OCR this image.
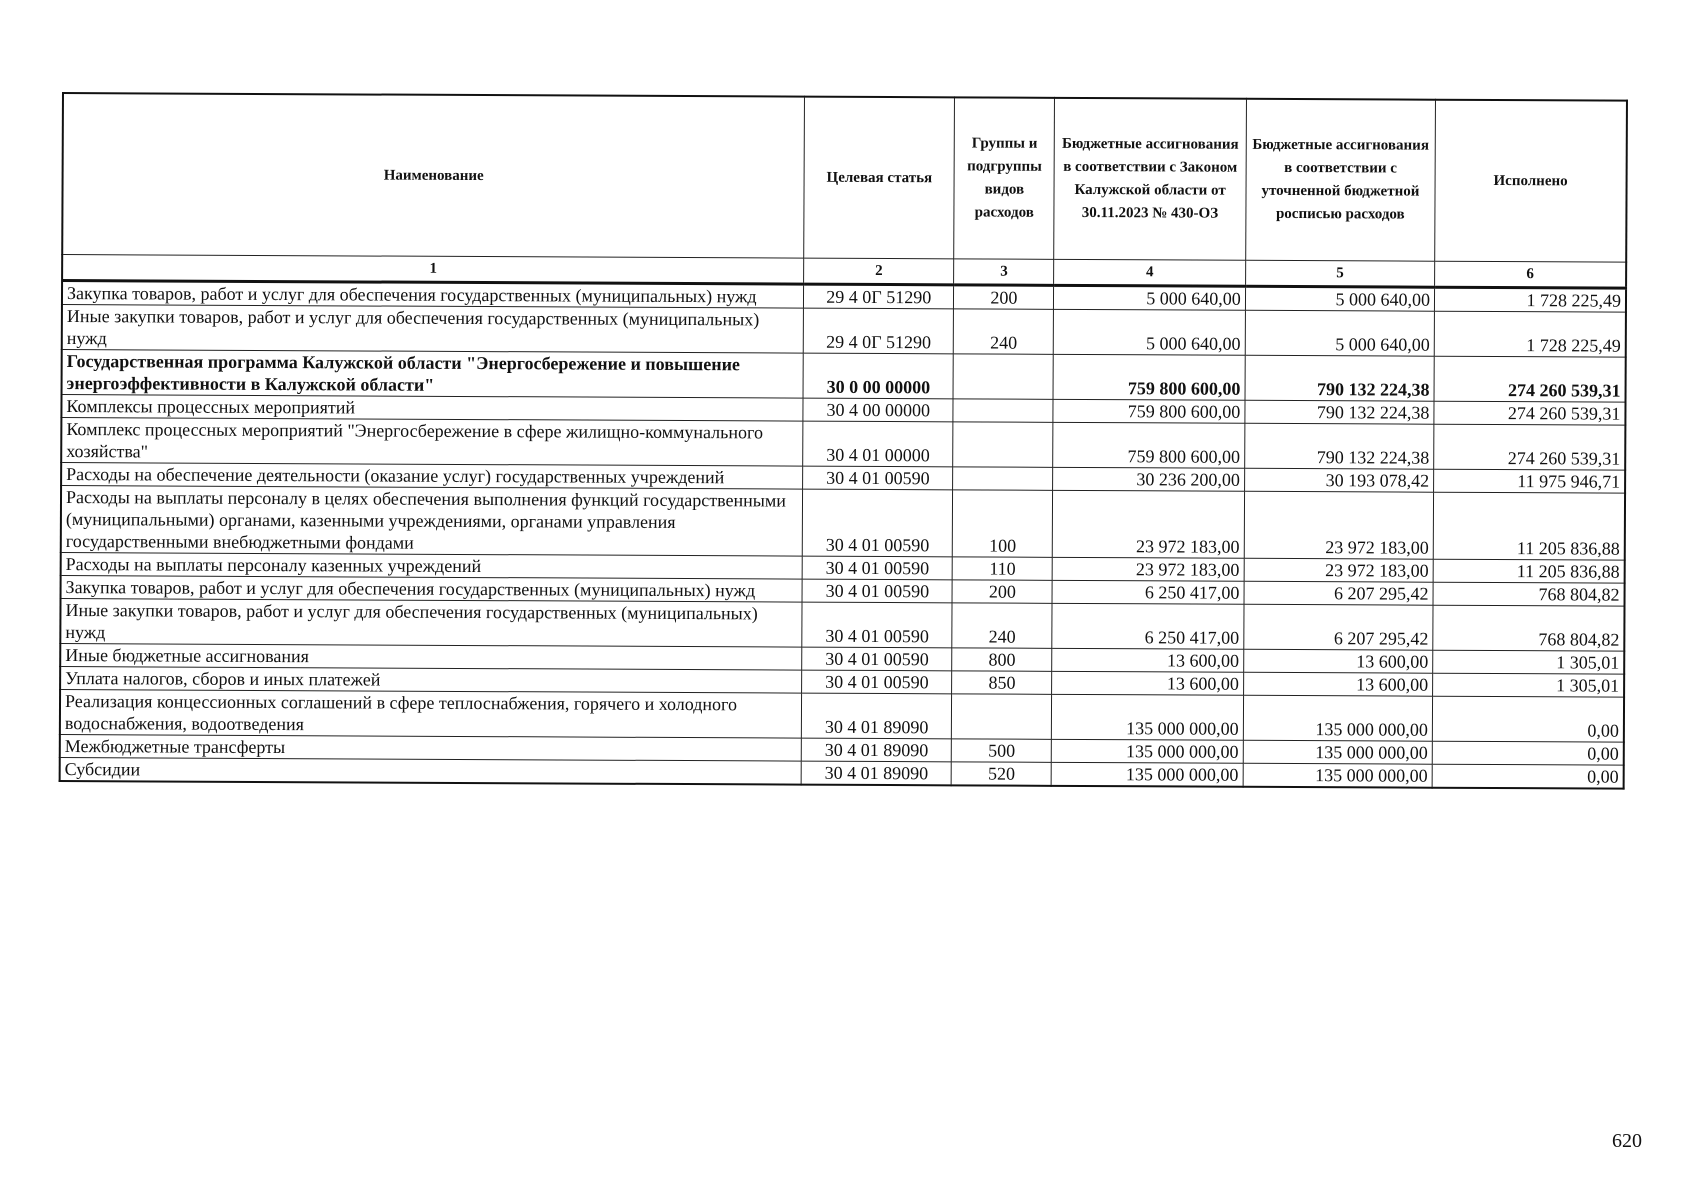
Наименование	Целевая статья	Группы и подгруппы видов расходов	Бюджетные ассигнования в соответствии с Законом Калужской области от 30.11.2023 № 430-ОЗ	Бюджетные ассигнования в соответствии с уточненной бюджетной росписью расходов	Исполнено
1	2	3	4	5	6
Закупка товаров, работ и услуг для обеспечения государственных (муниципальных) нужд	29 4 0Г 51290	200	5 000 640,00	5 000 640,00	1 728 225,49
Иные закупки товаров, работ и услуг для обеспечения государственных (муниципальных) нужд	29 4 0Г 51290	240	5 000 640,00	5 000 640,00	1 728 225,49
Государственная программа Калужской области "Энергосбережение и повышение энергоэффективности в Калужской области"	30 0 00 00000		759 800 600,00	790 132 224,38	274 260 539,31
Комплексы процессных мероприятий	30 4 00 00000		759 800 600,00	790 132 224,38	274 260 539,31
Комплекс процессных мероприятий "Энергосбережение в сфере жилищно-коммунального хозяйства"	30 4 01 00000		759 800 600,00	790 132 224,38	274 260 539,31
Расходы на обеспечение деятельности (оказание услуг) государственных учреждений	30 4 01 00590		30 236 200,00	30 193 078,42	11 975 946,71
Расходы на выплаты персоналу в целях обеспечения выполнения функций государственными (муниципальными) органами, казенными учреждениями, органами управления государственными внебюджетными фондами	30 4 01 00590	100	23 972 183,00	23 972 183,00	11 205 836,88
Расходы на выплаты персоналу казенных учреждений	30 4 01 00590	110	23 972 183,00	23 972 183,00	11 205 836,88
Закупка товаров, работ и услуг для обеспечения государственных (муниципальных) нужд	30 4 01 00590	200	6 250 417,00	6 207 295,42	768 804,82
Иные закупки товаров, работ и услуг для обеспечения государственных (муниципальных) нужд	30 4 01 00590	240	6 250 417,00	6 207 295,42	768 804,82
Иные бюджетные ассигнования	30 4 01 00590	800	13 600,00	13 600,00	1 305,01
Уплата налогов, сборов и иных платежей	30 4 01 00590	850	13 600,00	13 600,00	1 305,01
Реализация концессионных соглашений в сфере теплоснабжения, горячего и холодного водоснабжения, водоотведения	30 4 01 89090		135 000 000,00	135 000 000,00	0,00
Межбюджетные трансферты	30 4 01 89090	500	135 000 000,00	135 000 000,00	0,00
Субсидии	30 4 01 89090	520	135 000 000,00	135 000 000,00	0,00
620
